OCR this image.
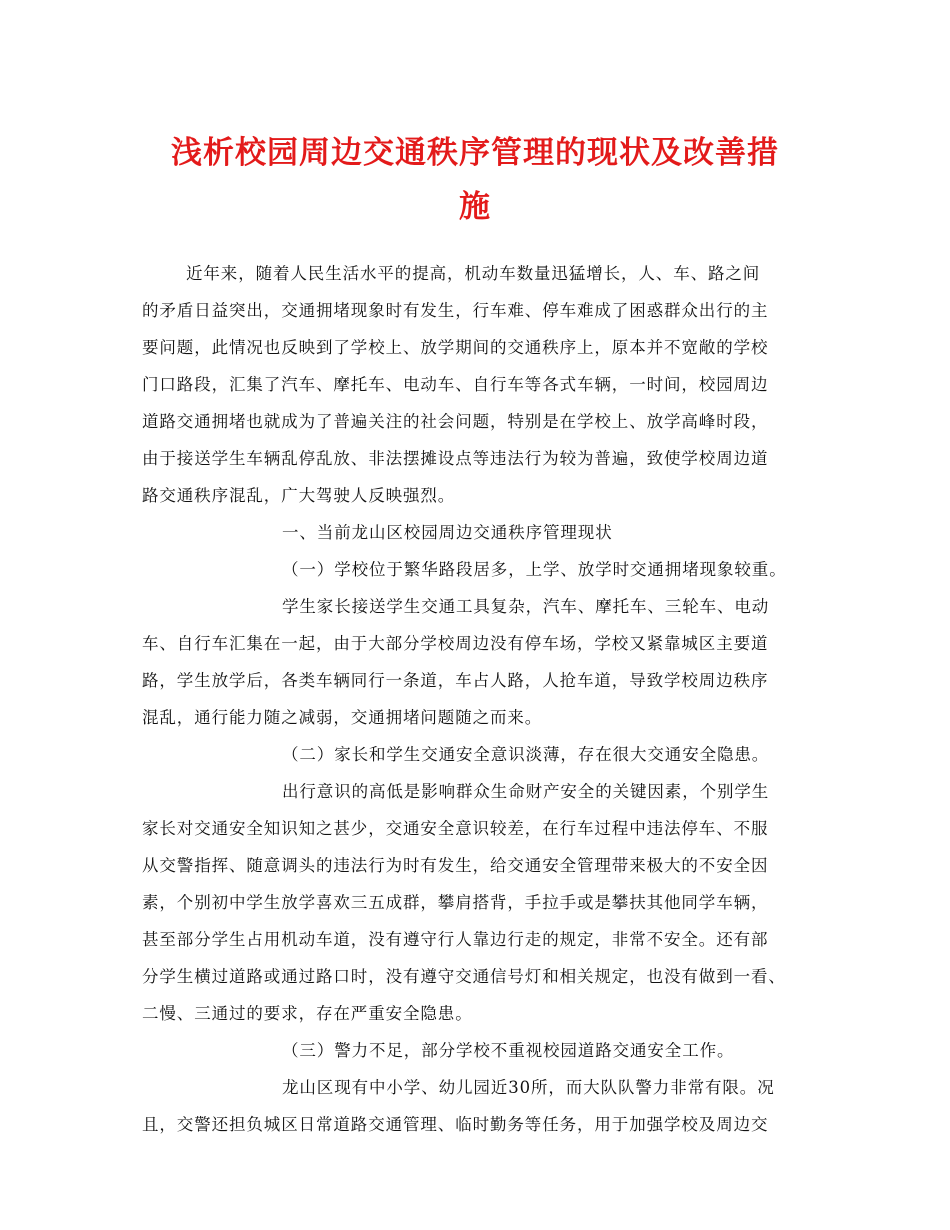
浅析校园周边交通秩序管理的现状及改善措
施

近年来，随着人民生活水平的提高，机动车数量迅猛增长，人、车、路之间
的矛盾日益突出，交通拥堵现象时有发生，行车难、停车难成了困惑群众出行的主
要问题，此情况也反映到了学校上、放学期间的交通秩序上，原本并不宽敞的学校
门口路段，汇集了汽车、摩托车、电动车、自行车等各式车辆，一时间，校园周边
道路交通拥堵也就成为了普遍关注的社会问题，特别是在学校上、放学高峰时段，
由于接送学生车辆乱停乱放、非法摆摊设点等违法行为较为普遍，致使学校周边道
路交通秩序混乱，广大驾驶人反映强烈。

一、当前龙山区校园周边交通秩序管理现状

（一）学校位于繁华路段居多，上学、放学时交通拥堵现象较重。

学生家长接送学生交通工具复杂，汽车、摩托车、三轮车、电动
车、自行车汇集在一起，由于大部分学校周边没有停车场，学校又紧靠城区主要道
路，学生放学后，各类车辆同行一条道，车占人路，人抢车道，导致学校周边秩序
混乱，通行能力随之减弱，交通拥堵问题随之而来。

（二）家长和学生交通安全意识淡薄，存在很大交通安全隐患。

出行意识的高低是影响群众生命财产安全的关键因素，个别学生
家长对交通安全知识知之甚少，交通安全意识较差，在行车过程中违法停车、不服
从交警指挥、随意调头的违法行为时有发生，给交通安全管理带来极大的不安全因
素，个别初中学生放学喜欢三五成群，攀肩搭背，手拉手或是攀扶其他同学车辆，
甚至部分学生占用机动车道，没有遵守行人靠边行走的规定，非常不安全。还有部
分学生横过道路或通过路口时，没有遵守交通信号灯和相关规定，也没有做到一看、
二慢、三通过的要求，存在严重安全隐患。

（三）警力不足，部分学校不重视校园道路交通安全工作。

龙山区现有中小学、幼儿园近30所，而大队队警力非常有限。况
且，交警还担负城区日常道路交通管理、临时勤务等任务，用于加强学校及周边交
